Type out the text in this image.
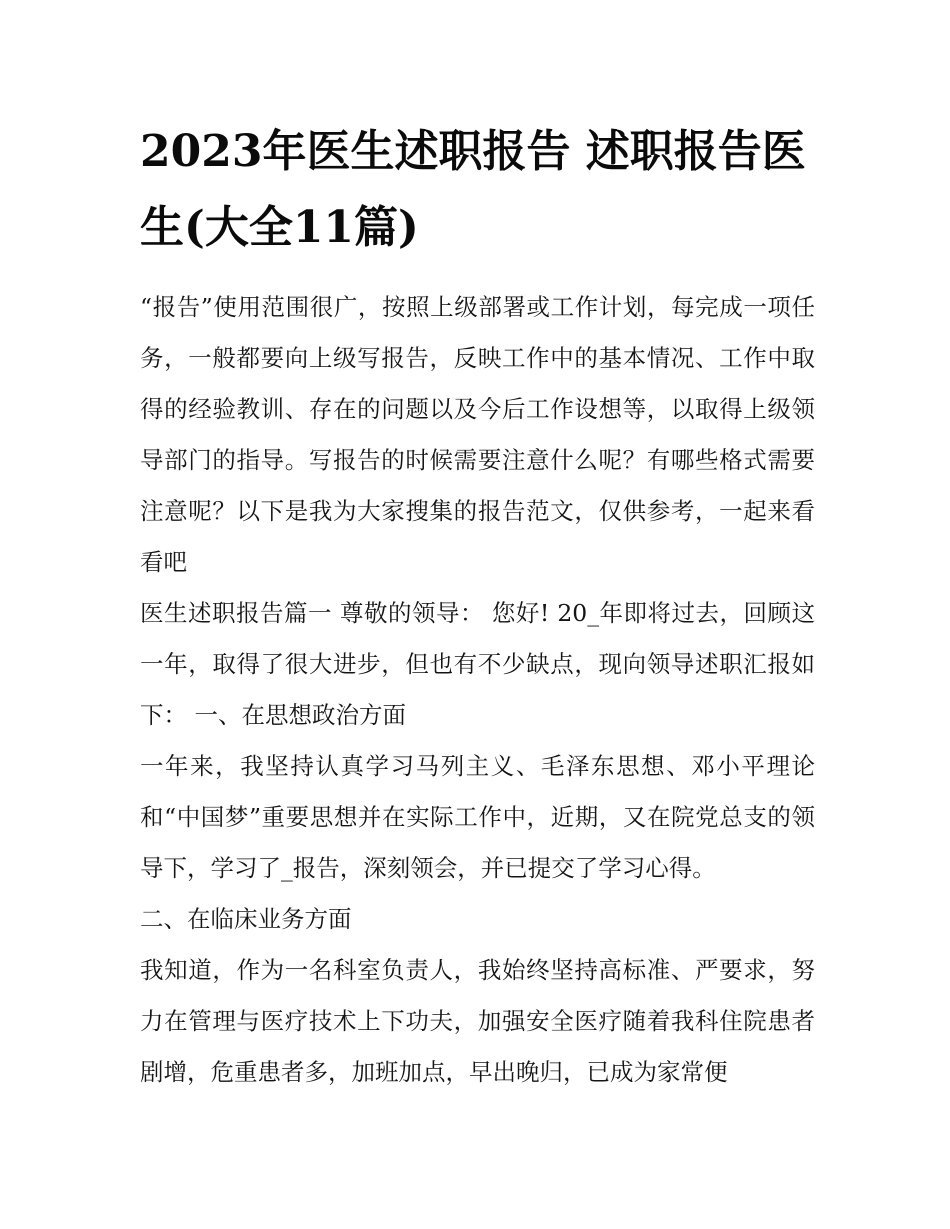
2023年医生述职报告 述职报告医生(大全11篇)

“报告”使用范围很广，按照上级部署或工作计划，每完成一项任务，一般都要向上级写报告，反映工作中的基本情况、工作中取得的经验教训、存在的问题以及今后工作设想等，以取得上级领导部门的指导。写报告的时候需要注意什么呢？有哪些格式需要注意呢？以下是我为大家搜集的报告范文，仅供参考，一起来看看吧

医生述职报告篇一 尊敬的领导： 您好! 20_年即将过去，回顾这一年，取得了很大进步，但也有不少缺点，现向领导述职汇报如下： 一、在思想政治方面

一年来，我坚持认真学习马列主义、毛泽东思想、邓小平理论和“中国梦”重要思想并在实际工作中，近期，又在院党总支的领导下，学习了_报告，深刻领会，并已提交了学习心得。

二、在临床业务方面

我知道，作为一名科室负责人，我始终坚持高标准、严要求，努力在管理与医疗技术上下功夫，加强安全医疗随着我科住院患者剧增，危重患者多，加班加点，早出晚归，已成为家常便
